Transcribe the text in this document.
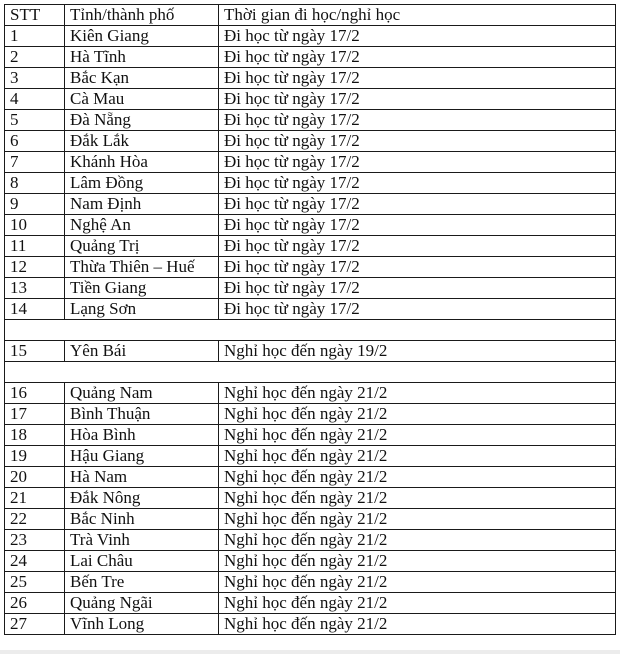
STT	Tỉnh/thành phố	Thời gian đi học/nghỉ học
1	Kiên Giang	Đi học từ ngày 17/2
2	Hà Tĩnh	Đi học từ ngày 17/2
3	Bắc Kạn	Đi học từ ngày 17/2
4	Cà Mau	Đi học từ ngày 17/2
5	Đà Nẵng	Đi học từ ngày 17/2
6	Đắk Lắk	Đi học từ ngày 17/2
7	Khánh Hòa	Đi học từ ngày 17/2
8	Lâm Đồng	Đi học từ ngày 17/2
9	Nam Định	Đi học từ ngày 17/2
10	Nghệ An	Đi học từ ngày 17/2
11	Quảng Trị	Đi học từ ngày 17/2
12	Thừa Thiên – Huế	Đi học từ ngày 17/2
13	Tiền Giang	Đi học từ ngày 17/2
14	Lạng Sơn	Đi học từ ngày 17/2

15	Yên Bái	Nghỉ học đến ngày 19/2

16	Quảng Nam	Nghỉ học đến ngày 21/2
17	Bình Thuận	Nghỉ học đến ngày 21/2
18	Hòa Bình	Nghỉ học đến ngày 21/2
19	Hậu Giang	Nghỉ học đến ngày 21/2
20	Hà Nam	Nghỉ học đến ngày 21/2
21	Đắk Nông	Nghỉ học đến ngày 21/2
22	Bắc Ninh	Nghỉ học đến ngày 21/2
23	Trà Vinh	Nghỉ học đến ngày 21/2
24	Lai Châu	Nghỉ học đến ngày 21/2
25	Bến Tre	Nghỉ học đến ngày 21/2
26	Quảng Ngãi	Nghỉ học đến ngày 21/2
27	Vĩnh Long	Nghỉ học đến ngày 21/2
